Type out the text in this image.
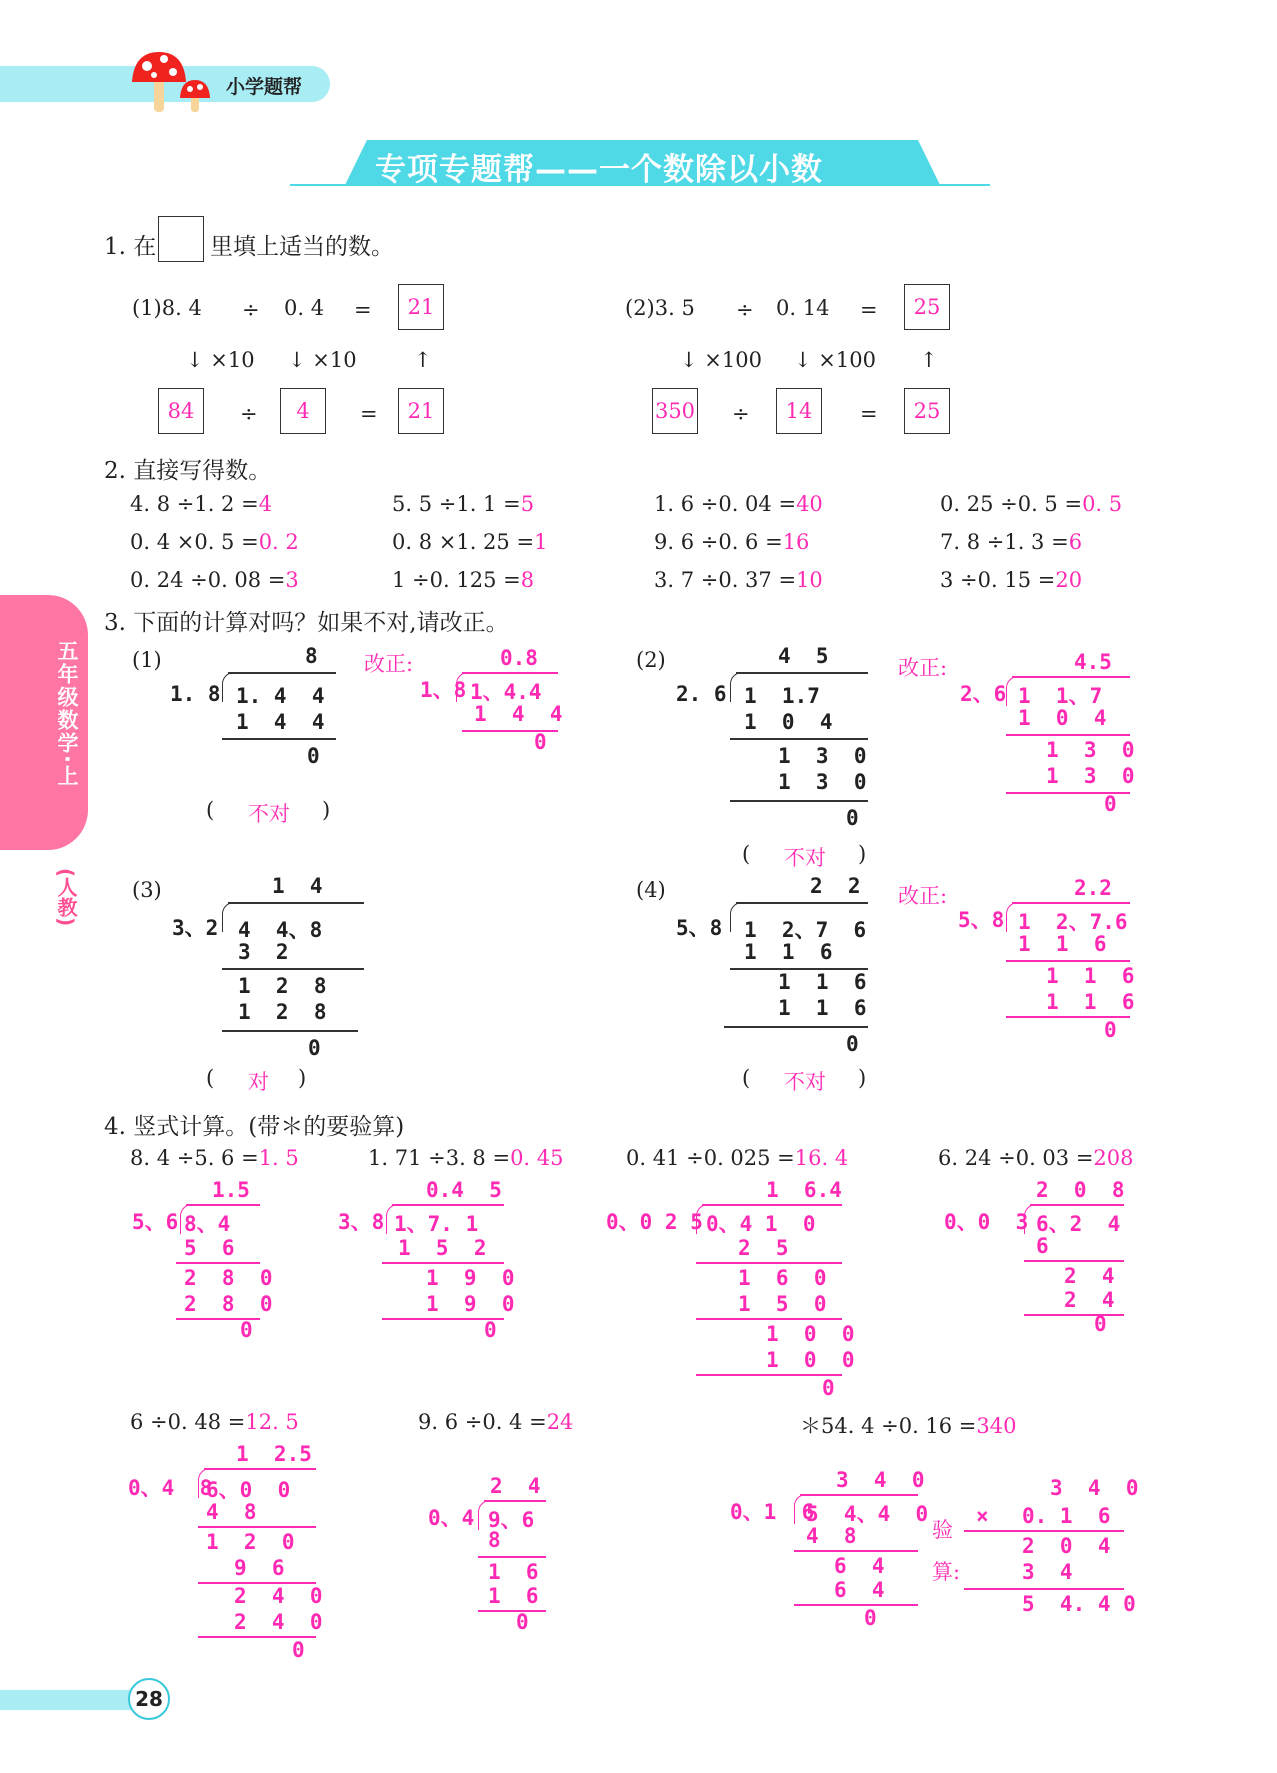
小学题帮
专项专题帮——一个数除以小数
五年级数学·上
(人教)
1. 在 里填上适当的数。
(1)8. 4 ÷ 0. 4 =	21
↓ ×10 ↓ ×10	↑
84	÷	4	=	21
(2)3. 5 ÷ 0. 14 =	25
↓ ×100 ↓ ×100 ↑
350 ÷	14	=	25
2. 直接写得数。
4. 8 ÷1. 2 =4	5. 5 ÷1. 1 =5	1. 6 ÷0. 04 =40	0. 25 ÷0. 5 =0. 5
0. 4 ×0. 5 =0. 2	0. 8 ×1. 25 =1	9. 6 ÷0. 6 =16	7. 8 ÷1. 3 =6
0. 24 ÷0. 08 =3	1 ÷0. 125 =8	3. 7 ÷0. 37 =10	3 ÷0. 15 =20
3. 下面的计算对吗？如果不对,请改正。
(1)	8
1. 8 1. 4  4
1  4  4
0
( 不对 )
改正:	0.8
1、8 1、4.4
1  4  4
0
(2)	4  5
2. 6 1  1.7
1  0  4
1  3  0
1  3  0
0
( 不对 )
改正:	4.5
2、6 1  1、7
1  0  4
1  3  0
1  3  0
0
(3)	1  4
3、2 4  4、8
3  2
1  2  8
1  2  8
0
( 对 )
(4)	2  2
5、8 1  2、7  6
1  1  6
1  1  6
1  1  6
0
( 不对 )
改正:	2.2
5、8 1  2、7.6
1  1  6
1  1  6
1  1  6
0
4. 竖式计算。(带＊的要验算)
8. 4 ÷5. 6 =1. 5	1. 71 ÷3. 8 =0. 45	0. 41 ÷0. 025 =16. 4	6. 24 ÷0. 03 =208
1.5
5、6 8、4
5  6
2  8  0
2  8  0
0
0.4  5
3、8 1、7. 1
1  5  2
1  9  0
1  9  0
0
1  6.4
0、0 2 5 0、4 1  0
2  5
1  6  0
1  5  0
1  0  0
1  0  0
0
2  0  8
0、0  3 6、2  4
6
2  4
2  4
0
6 ÷0. 48 =12. 5	9. 6 ÷0. 4 =24	＊54. 4 ÷0. 16 =340
1  2.5
0、4  8
6、0  0
4  8
1  2  0
9  6
2  4  0
2  4  0
0
2  4
0、4 9、6
8
1  6
1  6
0
3  4  0
0、1  6
5  4、4  0
4  8
6  4
6  4
0
验
算:
3  4  0
× 0. 1  6
2  0  4
3  4
5  4. 4 0
28
